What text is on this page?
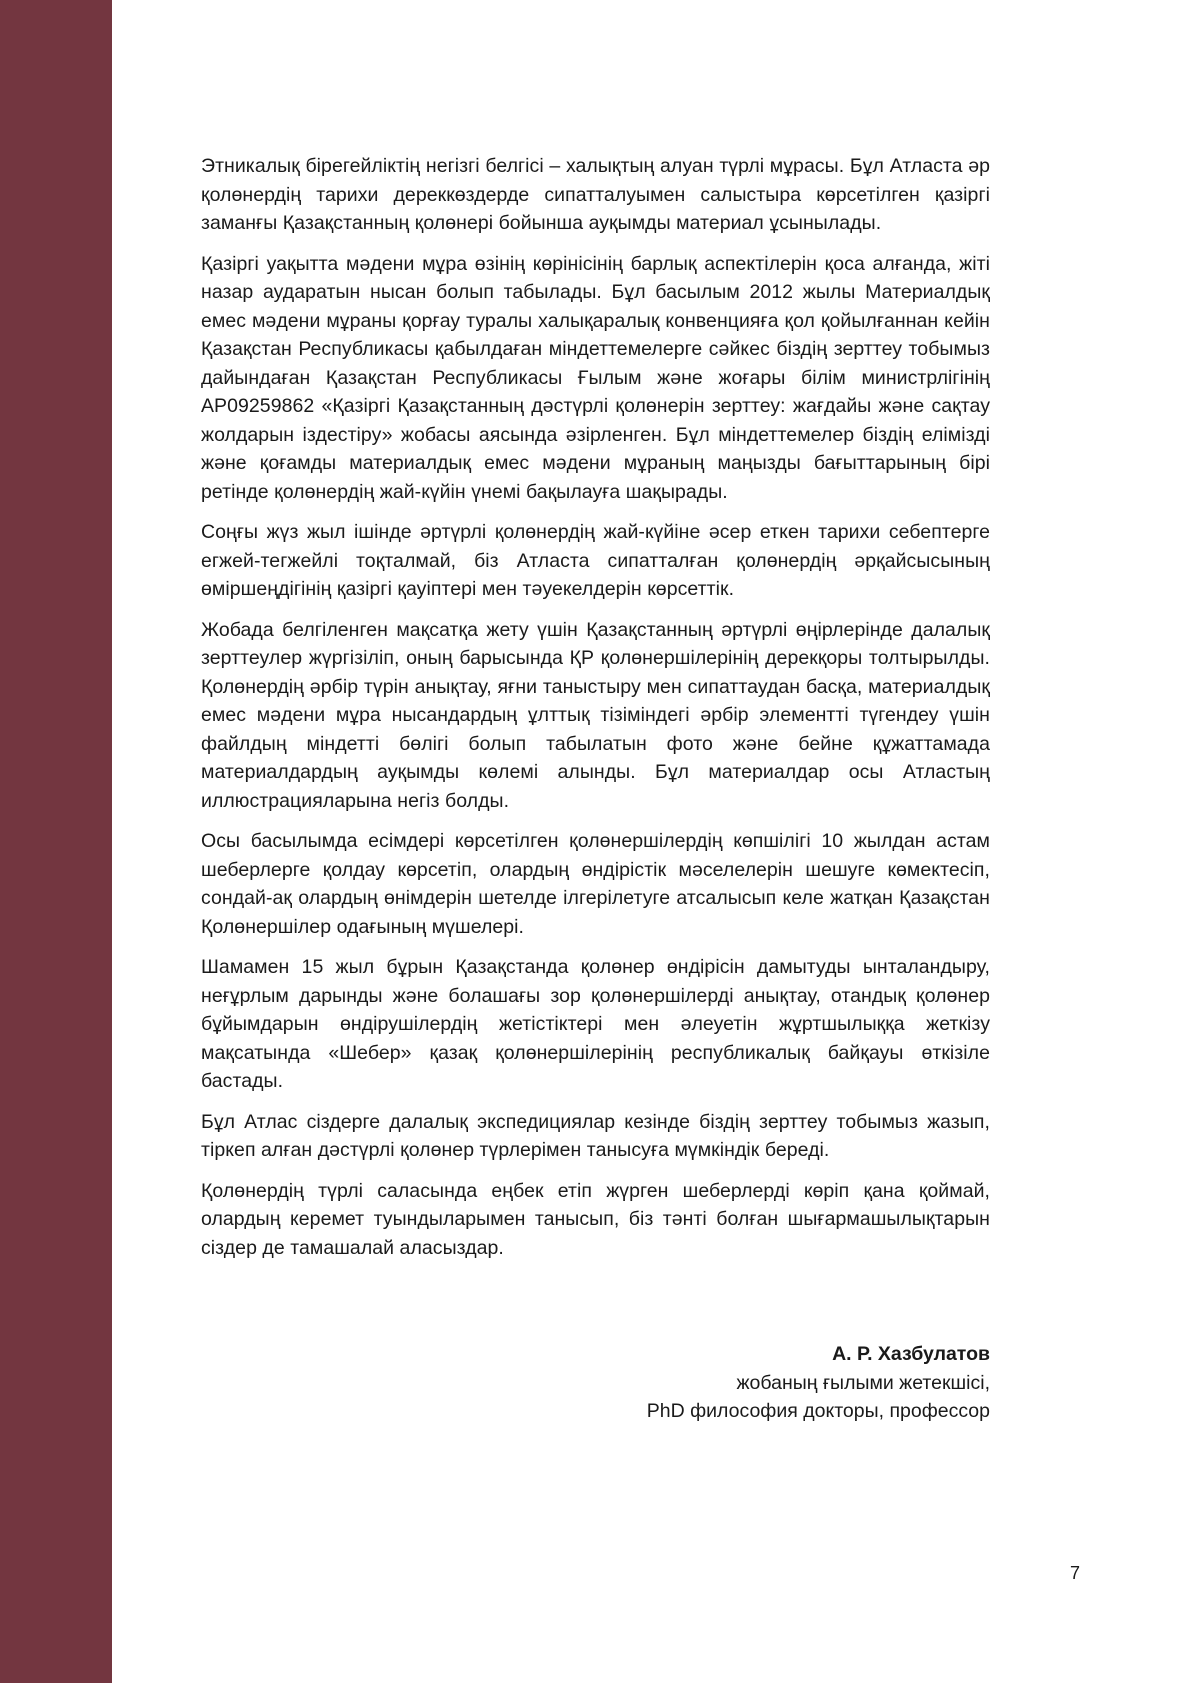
Этникалық бірегейліктің негізгі белгісі – халықтың алуан түрлі мұрасы. Бұл Атласта әр қолөнердің тарихи дереккөздерде сипатталуымен салыстыра көрсетілген қазіргі заманғы Қазақстанның қолөнері бойынша ауқымды материал ұсынылады.

Қазіргі уақытта мәдени мұра өзінің көрінісінің барлық аспектілерін қоса алғанда, жіті назар аударатын нысан болып табылады. Бұл басылым 2012 жылы Материалдық емес мәдени мұраны қорғау туралы халықаралық конвенцияға қол қойылғаннан кейін Қазақстан Республикасы қабылдаған міндеттемелерге сәйкес біздің зерттеу тобымыз дайындаған Қазақстан Республикасы Ғылым және жоғары білім министрлігінің AP09259862 «Қазіргі Қазақстанның дәстүрлі қолөнерін зерттеу: жағдайы және сақтау жолдарын іздестіру» жобасы аясында әзірленген. Бұл міндеттемелер біздің елімізді және қоғамды материалдық емес мәдени мұраның маңызды бағыттарының бірі ретінде қолөнердің жай-күйін үнемі бақылауға шақырады.

Соңғы жүз жыл ішінде әртүрлі қолөнердің жай-күйіне әсер еткен тарихи себептерге егжей-тегжейлі тоқталмай, біз Атласта сипатталған қолөнердің әрқайсысының өміршеңдігінің қазіргі қауіптері мен тәуекелдерін көрсеттік.

Жобада белгіленген мақсатқа жету үшін Қазақстанның әртүрлі өңірлерінде далалық зерттеулер жүргізіліп, оның барысында ҚР қолөнершілерінің дерекқоры толтырылды. Қолөнердің әрбір түрін анықтау, яғни таныстыру мен сипаттаудан басқа, материалдық емес мәдени мұра нысандардың ұлттық тізіміндегі әрбір элементті түгендеу үшін файлдың міндетті бөлігі болып табылатын фото және бейне құжаттамада материалдардың ауқымды көлемі алынды. Бұл материалдар осы Атластың иллюстрацияларына негіз болды.

Осы басылымда есімдері көрсетілген қолөнершілердің көпшілігі 10 жылдан астам шеберлерге қолдау көрсетіп, олардың өндірістік мәселелерін шешуге көмектесіп, сондай-ақ олардың өнімдерін шетелде ілгерілетуге атсалысып келе жатқан Қазақстан Қолөнершілер одағының мүшелері.

Шамамен 15 жыл бұрын Қазақстанда қолөнер өндірісін дамытуды ынталандыру, неғұрлым дарынды және болашағы зор қолөнершілерді анықтау, отандық қолөнер бұйымдарын өндірушілердің жетістіктері мен әлеуетін жұртшылыққа жеткізу мақсатында «Шебер» қазақ қолөнершілерінің республикалық байқауы өткізіле бастады.

Бұл Атлас сіздерге далалық экспедициялар кезінде біздің зерттеу тобымыз жазып, тіркеп алған дәстүрлі қолөнер түрлерімен танысуға мүмкіндік береді.

Қолөнердің түрлі саласында еңбек етіп жүрген шеберлерді көріп қана қоймай, олардың керемет туындыларымен танысып, біз тәнті болған шығармашылықтарын сіздер де тамашалай аласыздар.

А. Р. Хазбулатов
жобаның ғылыми жетекшісі,
PhD философия докторы, профессор
7
